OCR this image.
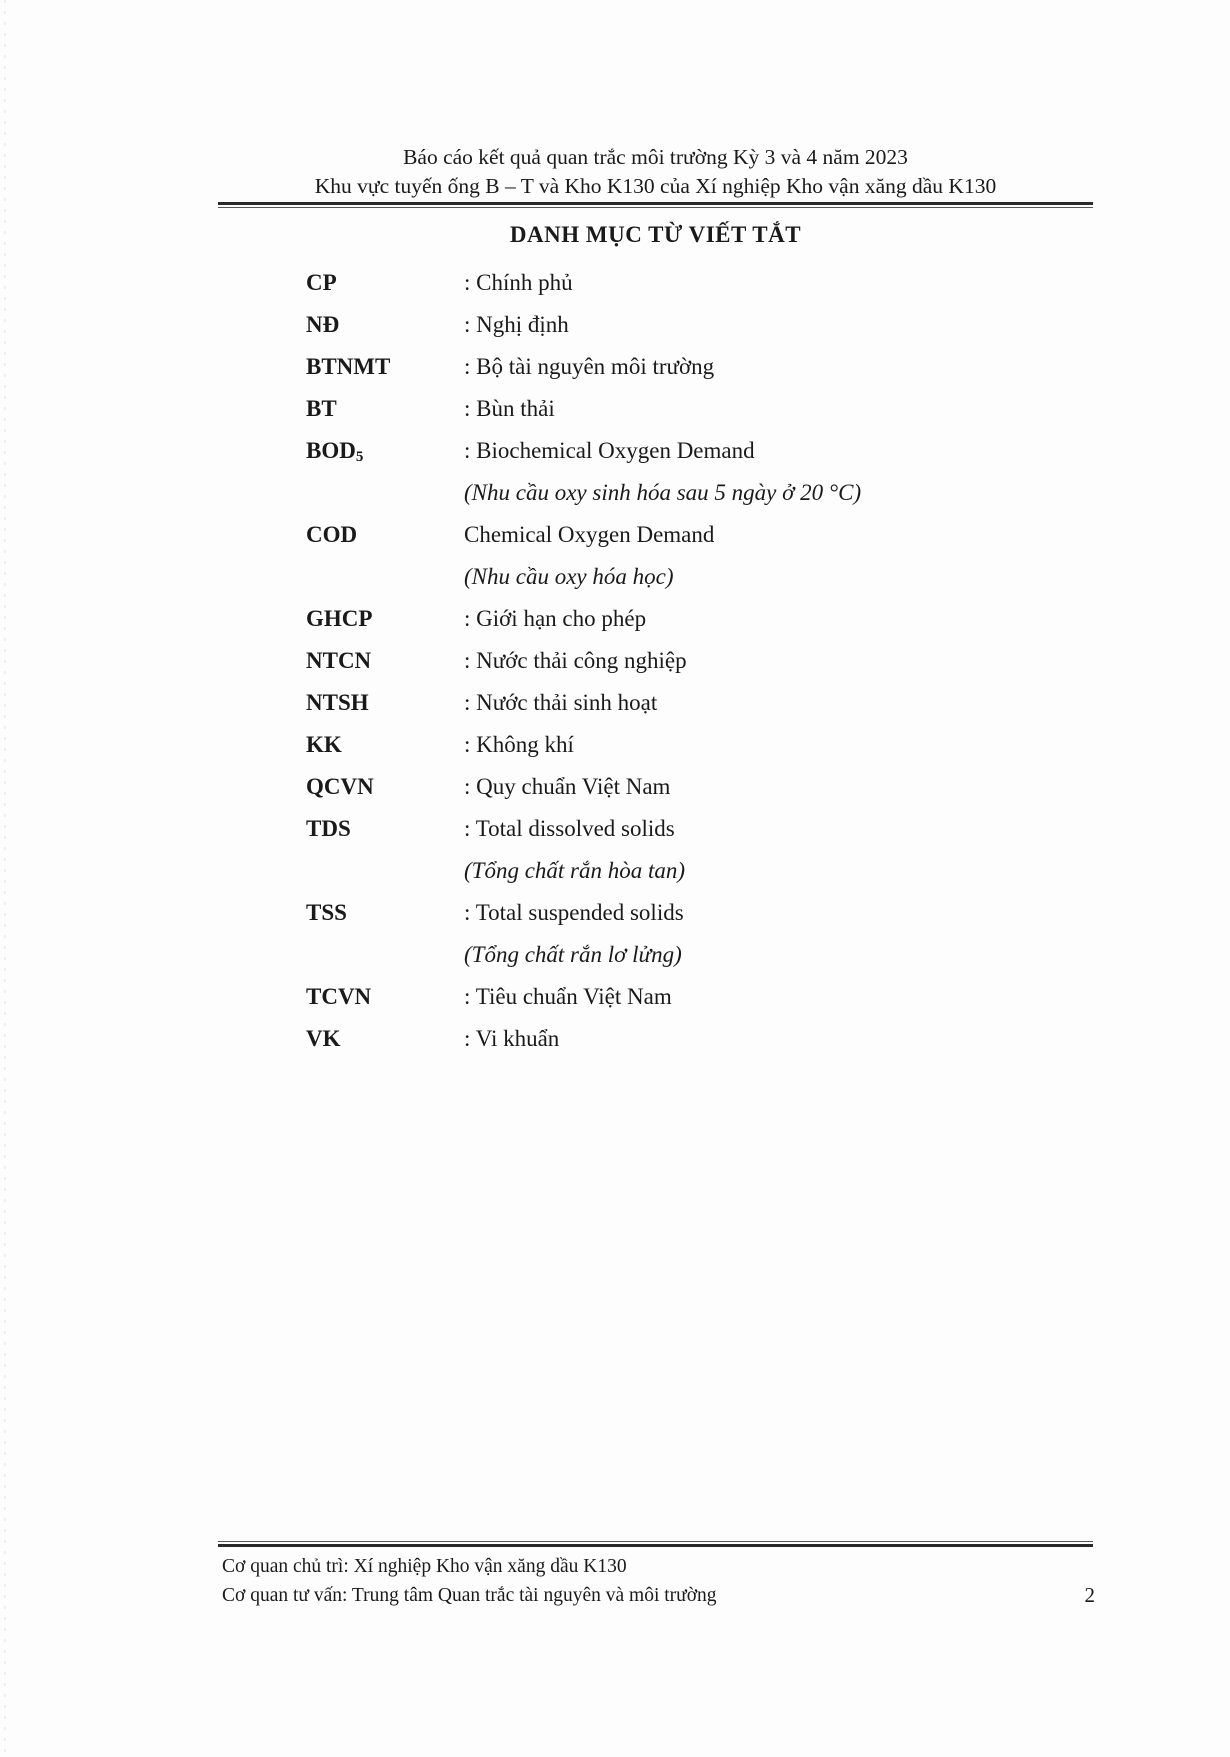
Báo cáo kết quả quan trắc môi trường Kỳ 3 và 4 năm 2023
Khu vực tuyến ống B – T và Kho K130 của Xí nghiệp Kho vận xăng dầu K130
DANH MỤC TỪ VIẾT TẮT
CP	: Chính phủ
NĐ	: Nghị định
BTNMT	: Bộ tài nguyên môi trường
BT	: Bùn thải
$BOD_5$	: Biochemical Oxygen Demand
(Nhu cầu oxy sinh hóa sau 5 ngày ở 20 °C)
COD	Chemical Oxygen Demand
(Nhu cầu oxy hóa học)
GHCP	: Giới hạn cho phép
NTCN	: Nước thải công nghiệp
NTSH	: Nước thải sinh hoạt
KK	: Không khí
QCVN	: Quy chuẩn Việt Nam
TDS	: Total dissolved solids
(Tổng chất rắn hòa tan)
TSS	: Total suspended solids
(Tổng chất rắn lơ lửng)
TCVN	: Tiêu chuẩn Việt Nam
VK	: Vi khuẩn
Cơ quan chủ trì: Xí nghiệp Kho vận xăng dầu K130
Cơ quan tư vấn: Trung tâm Quan trắc tài nguyên và môi trường	2
